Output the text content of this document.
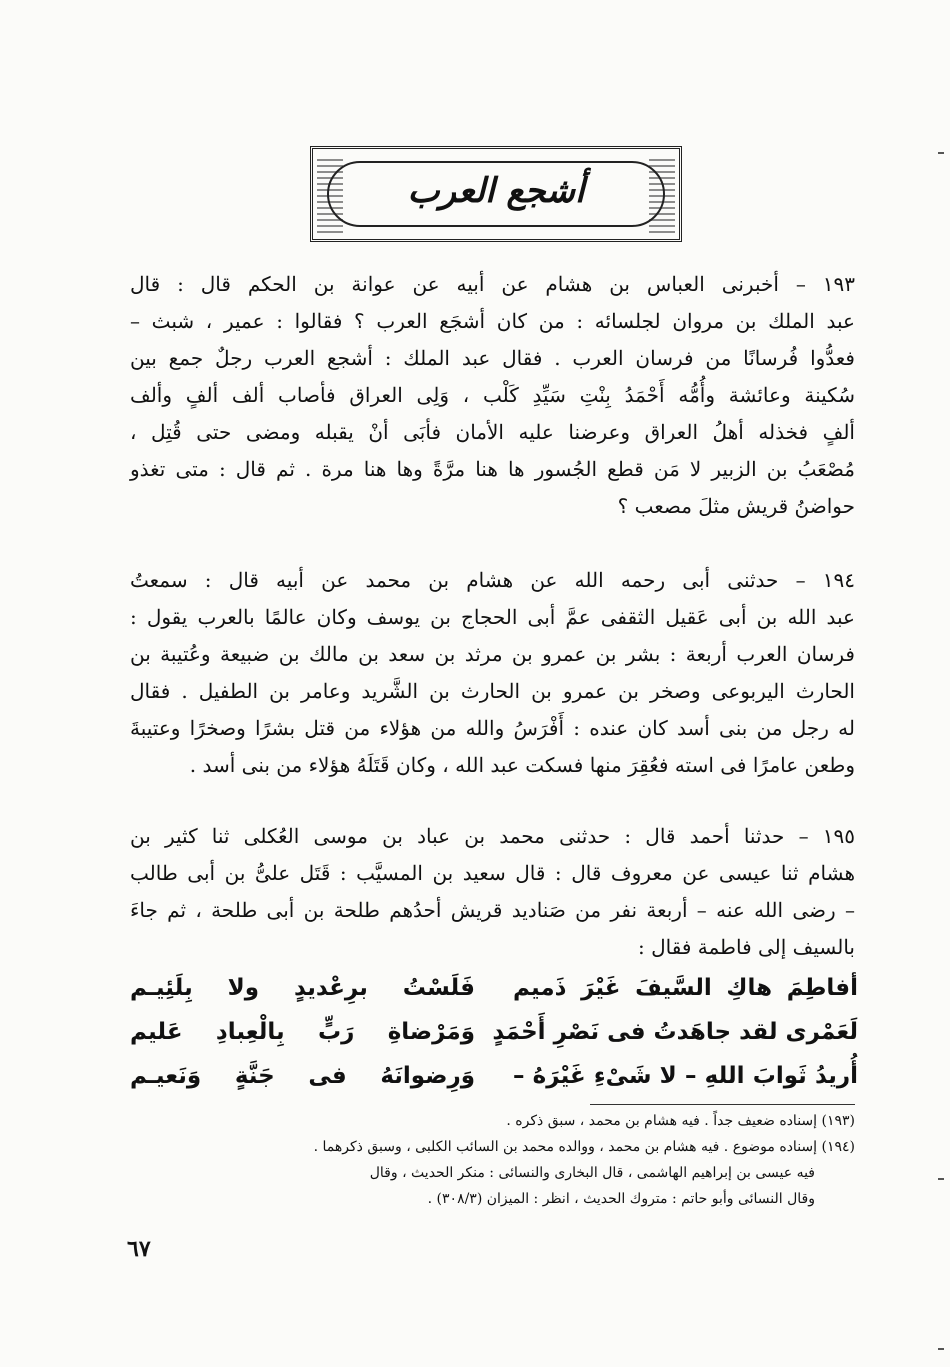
أشجع العرب
١٩٣ – أخبرنى العباس بن هشام عن أبيه عن عوانة بن الحكم قال : قال
عبد الملك بن مروان لجلسائه : من كان أشجَع العرب ؟ فقالوا : عمير ، شبث –
فعدُّوا فُرسانًا من فرسان العرب . فقال عبد الملك : أشجع العرب رجلٌ جمع بين
سُكينة وعائشة وأُمُّه أَحْمَدُ بِنْتِ سَيِّدِ كَلْب ، وَلِى العراق فأصاب ألف ألفٍ وألف
ألفٍ فخذله أهلُ العراق وعرضنا عليه الأمان فأبَى أنْ يقبله ومضى حتى قُتِل ،
مُصْعَبُ بن الزبير لا مَن قطع الجُسور ها هنا مرَّةً وها هنا مرة . ثم قال : متى تغذو
حواضنُ قريش مثلَ مصعب ؟
١٩٤ – حدثنى أبى رحمه الله عن هشام بن محمد عن أبيه قال : سمعتُ
عبد الله بن أبى عَقيل الثقفى عمَّ أبى الحجاج بن يوسف وكان عالمًا بالعرب يقول :
فرسان العرب أربعة : بشر بن عمرو بن مرثد بن سعد بن مالك بن ضبيعة وعُتيبة بن
الحارث اليربوعى وصخر بن عمرو بن الحارث بن الشَّريد وعامر بن الطفيل . فقال
له رجل من بنى أسد كان عنده : أَفْرَسُ والله من هؤلاء من قتل بشرًا وصخرًا وعتيبةَ
وطعن عامرًا فى استه فعُقِرَ منها فسكت عبد الله ، وكان قَتَلَهُ هؤلاء من بنى أسد .
١٩٥ – حدثنا أحمد قال : حدثنى محمد بن عباد بن موسى العُكلى ثنا كثير بن
هشام ثنا عيسى عن معروف قال : قال سعيد بن المسيَّب : قَتَل علىُّ بن أبى طالب
– رضى الله عنه – أربعة نفر من صَناديد قريش أحدُهم طلحة بن أبى طلحة ، ثم جاءَ
بالسيف إلى فاطمة فقال :
أفاطِمَ هاكِ السَّيفَ غَيْرَ ذَميم
فَلَسْتُ برِعْديدٍ ولا بِلَئِيـم
لَعَمْرى لقد جاهَدتُ فى نَصْرِ أَحْمَدٍ
وَمَرْضاةِ رَبٍّ بِالْعِبادِ عَليم
أُريدُ ثَوابَ اللهِ – لا شَىْءِ غَيْرَهُ –
وَرِضوانَهُ فى جَنَّةٍ وَنَعيـم
(١٩٣) إسناده ضعيف جداً . فيه هشام بن محمد ، سبق ذكره .
(١٩٤) إسناده موضوع . فيه هشام بن محمد ، ووالده محمد بن السائب الكلبى ، وسبق ذكرهما .
فيه عيسى بن إبراهيم الهاشمى ، قال البخارى والنسائى : منكر الحديث ، وقال
وقال النسائى وأبو حاتم : متروك الحديث ، انظر : الميزان (٣٠٨/٣) .
٦٧
